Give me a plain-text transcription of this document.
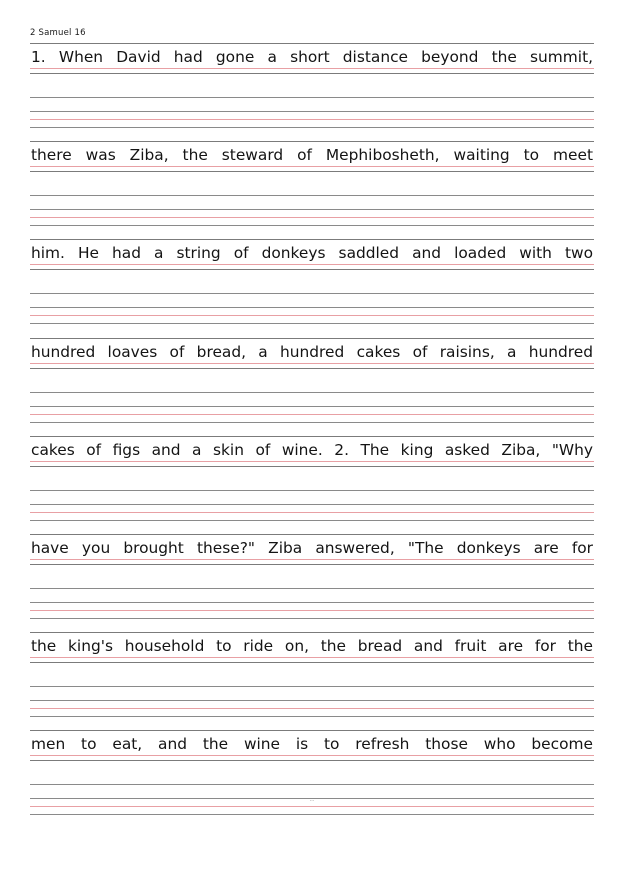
2 Samuel 16
1. When David had gone a short distance beyond the summit,
there was Ziba, the steward of Mephibosheth, waiting to meet
him. He had a string of donkeys saddled and loaded with two
hundred loaves of bread, a hundred cakes of raisins, a hundred
cakes of figs and a skin of wine. 2. The king asked Ziba, "Why
have you brought these?" Ziba answered, "The donkeys are for
the king's household to ride on, the bread and fruit are for the
men to eat, and the wine is to refresh those who become
..
